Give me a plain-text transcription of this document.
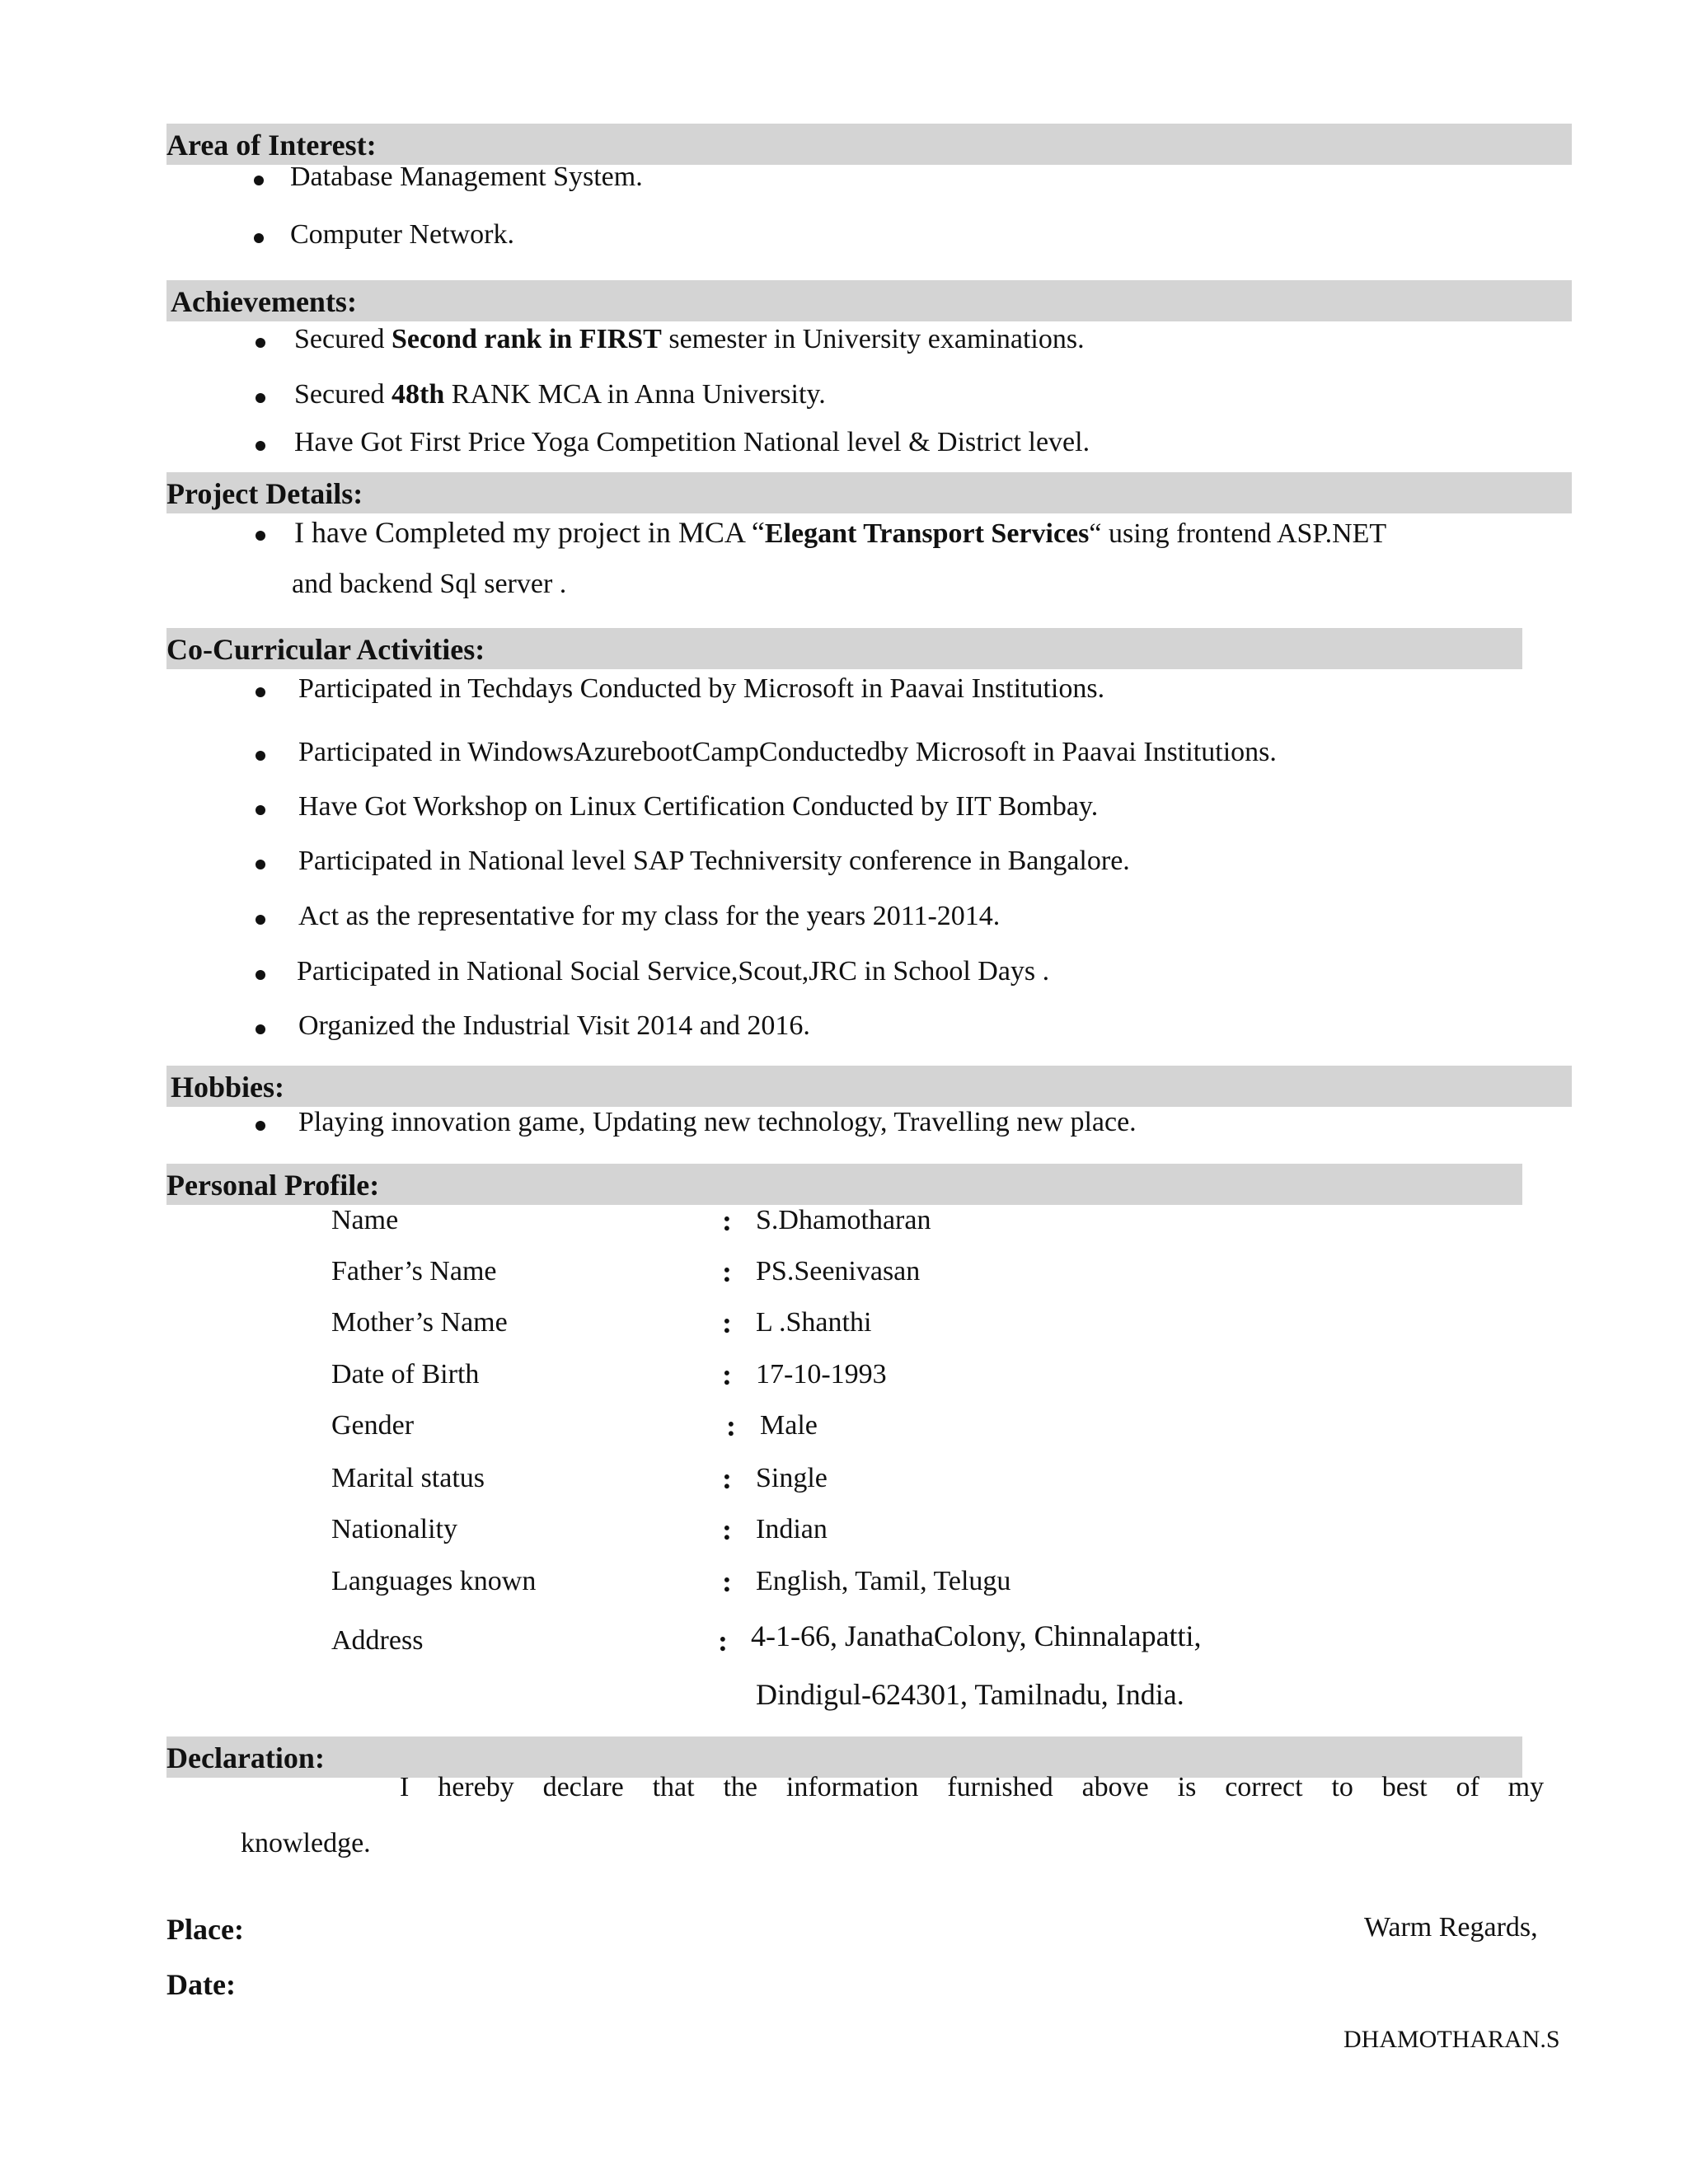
Area of Interest:
Database Management System.
Computer Network.
Achievements:
Secured Second rank in FIRST semester in University examinations.
Secured 48th RANK MCA in Anna University.
Have Got First Price Yoga Competition National level & District level.
Project Details:
I have Completed my project in MCA “Elegant Transport Services“ using frontend ASP.NET
and backend Sql server .
Co-Curricular Activities:
Participated in Techdays Conducted by Microsoft in Paavai Institutions.
Participated in WindowsAzurebootCampConductedby Microsoft in Paavai Institutions.
Have Got Workshop on Linux Certification Conducted by IIT Bombay.
Participated in National level SAP Techniversity conference in Bangalore.
Act as the representative for my class for the years 2011-2014.
Participated in National Social Service,Scout,JRC in School Days .
Organized the Industrial Visit 2014 and 2016.
Hobbies:
Playing innovation game, Updating new technology, Travelling new place.
Personal Profile:
Name	: S.Dhamotharan
Father’s Name	: PS.Seenivasan
Mother’s Name	: L .Shanthi
Date of Birth	: 17-10-1993
Gender	: Male
Marital status	: Single
Nationality	: Indian
Languages known	: English, Tamil, Telugu
Address	: 4-1-66, JanathaColony, Chinnalapatti,
Dindigul-624301, Tamilnadu, India.
Declaration:
I hereby declare that the information furnished above is correct to best of my
knowledge.
Place:	Warm Regards,
Date:
DHAMOTHARAN.S
